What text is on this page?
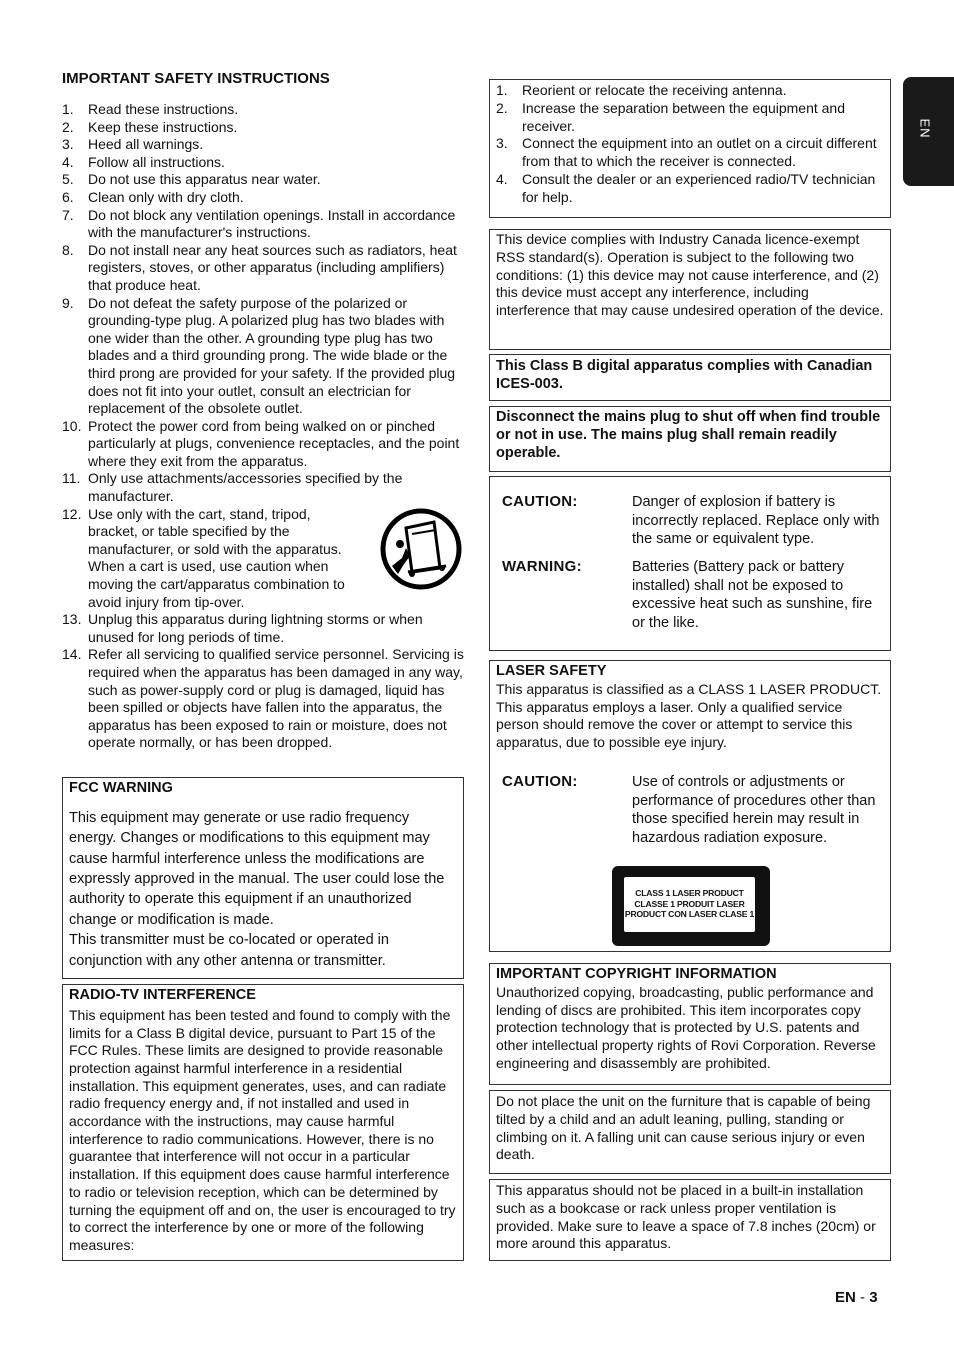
EN
IMPORTANT SAFETY INSTRUCTIONS
1. Read these instructions.
2. Keep these instructions.
3. Heed all warnings.
4. Follow all instructions.
5. Do not use this apparatus near water.
6. Clean only with dry cloth.
7. Do not block any ventilation openings. Install in accordance with the manufacturer's instructions.
8. Do not install near any heat sources such as radiators, heat registers, stoves, or other apparatus (including amplifiers) that produce heat.
9. Do not defeat the safety purpose of the polarized or grounding-type plug. A polarized plug has two blades with one wider than the other. A grounding type plug has two blades and a third grounding prong. The wide blade or the third prong are provided for your safety. If the provided plug does not fit into your outlet, consult an electrician for replacement of the obsolete outlet.
10. Protect the power cord from being walked on or pinched particularly at plugs, convenience receptacles, and the point where they exit from the apparatus.
11. Only use attachments/accessories specified by the manufacturer.
12. Use only with the cart, stand, tripod, bracket, or table specified by the manufacturer, or sold with the apparatus. When a cart is used, use caution when moving the cart/apparatus combination to avoid injury from tip-over.
13. Unplug this apparatus during lightning storms or when unused for long periods of time.
14. Refer all servicing to qualified service personnel. Servicing is required when the apparatus has been damaged in any way, such as power-supply cord or plug is damaged, liquid has been spilled or objects have fallen into the apparatus, the apparatus has been exposed to rain or moisture, does not operate normally, or has been dropped.
FCC WARNING
This equipment may generate or use radio frequency energy. Changes or modifications to this equipment may cause harmful interference unless the modifications are expressly approved in the manual. The user could lose the authority to operate this equipment if an unauthorized change or modification is made.
This transmitter must be co-located or operated in conjunction with any other antenna or transmitter.
RADIO-TV INTERFERENCE
This equipment has been tested and found to comply with the limits for a Class B digital device, pursuant to Part 15 of the FCC Rules. These limits are designed to provide reasonable protection against harmful interference in a residential installation. This equipment generates, uses, and can radiate radio frequency energy and, if not installed and used in accordance with the instructions, may cause harmful interference to radio communications. However, there is no guarantee that interference will not occur in a particular installation. If this equipment does cause harmful interference to radio or television reception, which can be determined by turning the equipment off and on, the user is encouraged to try to correct the interference by one or more of the following measures:
1. Reorient or relocate the receiving antenna.
2. Increase the separation between the equipment and receiver.
3. Connect the equipment into an outlet on a circuit different from that to which the receiver is connected.
4. Consult the dealer or an experienced radio/TV technician for help.
This device complies with Industry Canada licence-exempt RSS standard(s). Operation is subject to the following two conditions: (1) this device may not cause interference, and (2) this device must accept any interference, including interference that may cause undesired operation of the device.
This Class B digital apparatus complies with Canadian ICES-003.
Disconnect the mains plug to shut off when find trouble or not in use. The mains plug shall remain readily operable.
CAUTION:	Danger of explosion if battery is incorrectly replaced. Replace only with the same or equivalent type.
WARNING:	Batteries (Battery pack or battery installed) shall not be exposed to excessive heat such as sunshine, fire or the like.
LASER SAFETY
This apparatus is classified as a CLASS 1 LASER PRODUCT. This apparatus employs a laser. Only a qualified service person should remove the cover or attempt to service this apparatus, due to possible eye injury.
CAUTION:	Use of controls or adjustments or performance of procedures other than those specified herein may result in hazardous radiation exposure.
CLASS 1 LASER PRODUCT
CLASSE 1 PRODUIT LASER
PRODUCT CON LASER CLASE 1
IMPORTANT COPYRIGHT INFORMATION
Unauthorized copying, broadcasting, public performance and lending of discs are prohibited. This item incorporates copy protection technology that is protected by U.S. patents and other intellectual property rights of Rovi Corporation. Reverse engineering and disassembly are prohibited.
Do not place the unit on the furniture that is capable of being tilted by a child and an adult leaning, pulling, standing or climbing on it. A falling unit can cause serious injury or even death.
This apparatus should not be placed in a built-in installation such as a bookcase or rack unless proper ventilation is provided. Make sure to leave a space of 7.8 inches (20cm) or more around this apparatus.
EN - 3
